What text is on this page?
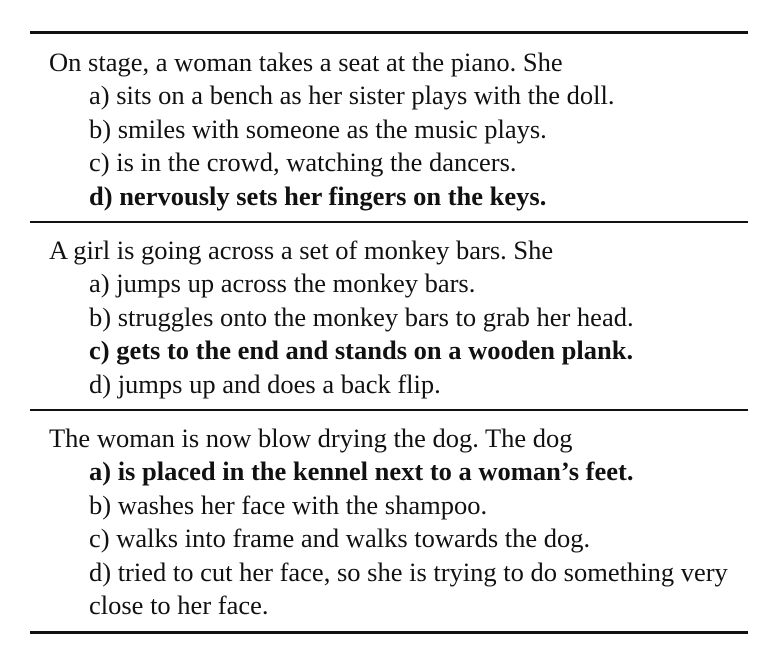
On stage, a woman takes a seat at the piano. She
a) sits on a bench as her sister plays with the doll.
b) smiles with someone as the music plays.
c) is in the crowd, watching the dancers.
d) nervously sets her fingers on the keys.
A girl is going across a set of monkey bars. She
a) jumps up across the monkey bars.
b) struggles onto the monkey bars to grab her head.
c) gets to the end and stands on a wooden plank.
d) jumps up and does a back flip.
The woman is now blow drying the dog. The dog
a) is placed in the kennel next to a woman’s feet.
b) washes her face with the shampoo.
c) walks into frame and walks towards the dog.
d) tried to cut her face, so she is trying to do something very close to her face.
